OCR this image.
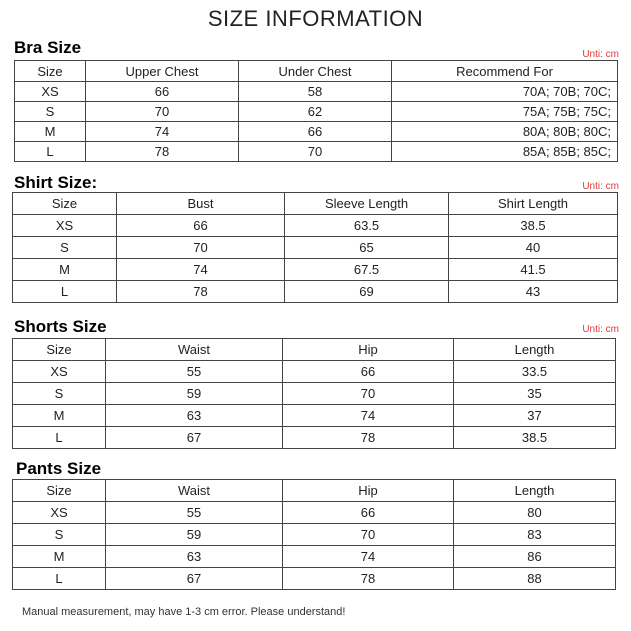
SIZE INFORMATION
Bra Size	Unti: cm
Size	Upper Chest	Under Chest	Recommend For
XS	66	58	70A; 70B; 70C;
S	70	62	75A; 75B; 75C;
M	74	66	80A; 80B; 80C;
L	78	70	85A; 85B; 85C;
Shirt Size:	Unti: cm
Size	Bust	Sleeve Length	Shirt Length
XS	66	63.5	38.5
S	70	65	40
M	74	67.5	41.5
L	78	69	43
Shorts Size	Unti: cm
Size	Waist	Hip	Length
XS	55	66	33.5
S	59	70	35
M	63	74	37
L	67	78	38.5
Pants Size
Size	Waist	Hip	Length
XS	55	66	80
S	59	70	83
M	63	74	86
L	67	78	88
Manual measurement, may have 1-3 cm error. Please understand!
